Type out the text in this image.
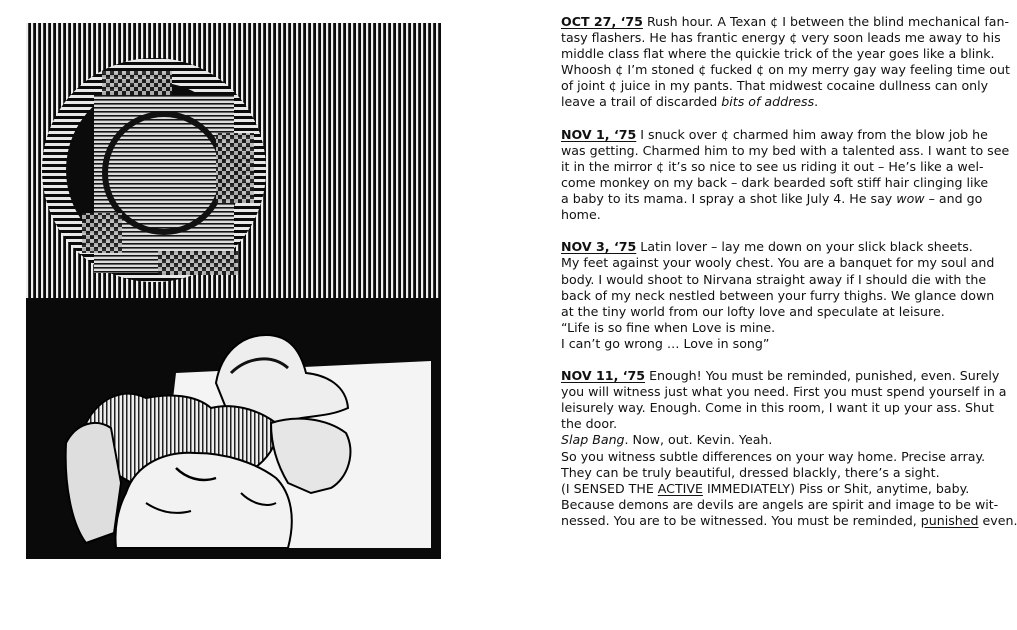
OCT 27, ‘75 Rush hour. A Texan ¢ I between the blind mechanical fan-
tasy flashers. He has frantic energy ¢ very soon leads me away to his
middle class flat where the quickie trick of the year goes like a blink.
Whoosh ¢ I’m stoned ¢ fucked ¢ on my merry gay way feeling time out
of joint ¢ juice in my pants. That midwest cocaine dullness can only
leave a trail of discarded bits of address.
NOV 1, ‘75 I snuck over ¢ charmed him away from the blow job he
was getting. Charmed him to my bed with a talented ass. I want to see
it in the mirror ¢ it’s so nice to see us riding it out – He’s like a wel-
come monkey on my back – dark bearded soft stiff hair clinging like
a baby to its mama. I spray a shot like July 4. He say wow – and go
home.
NOV 3, ‘75 Latin lover – lay me down on your slick black sheets.
My feet against your wooly chest. You are a banquet for my soul and
body. I would shoot to Nirvana straight away if I should die with the
back of my neck nestled between your furry thighs. We glance down
at the tiny world from our lofty love and speculate at leisure.
“Life is so fine when Love is mine.
I can’t go wrong … Love in song”
NOV 11, ‘75 Enough! You must be reminded, punished, even. Surely
you will witness just what you need. First you must spend yourself in a
leisurely way. Enough. Come in this room, I want it up your ass. Shut
the door.
Slap Bang. Now, out. Kevin. Yeah.
So you witness subtle differences on your way home. Precise array.
They can be truly beautiful, dressed blackly, there’s a sight.
(I SENSED THE ACTIVE IMMEDIATELY) Piss or Shit, anytime, baby.
Because demons are devils are angels are spirit and image to be wit-
nessed. You are to be witnessed. You must be reminded, punished even.
